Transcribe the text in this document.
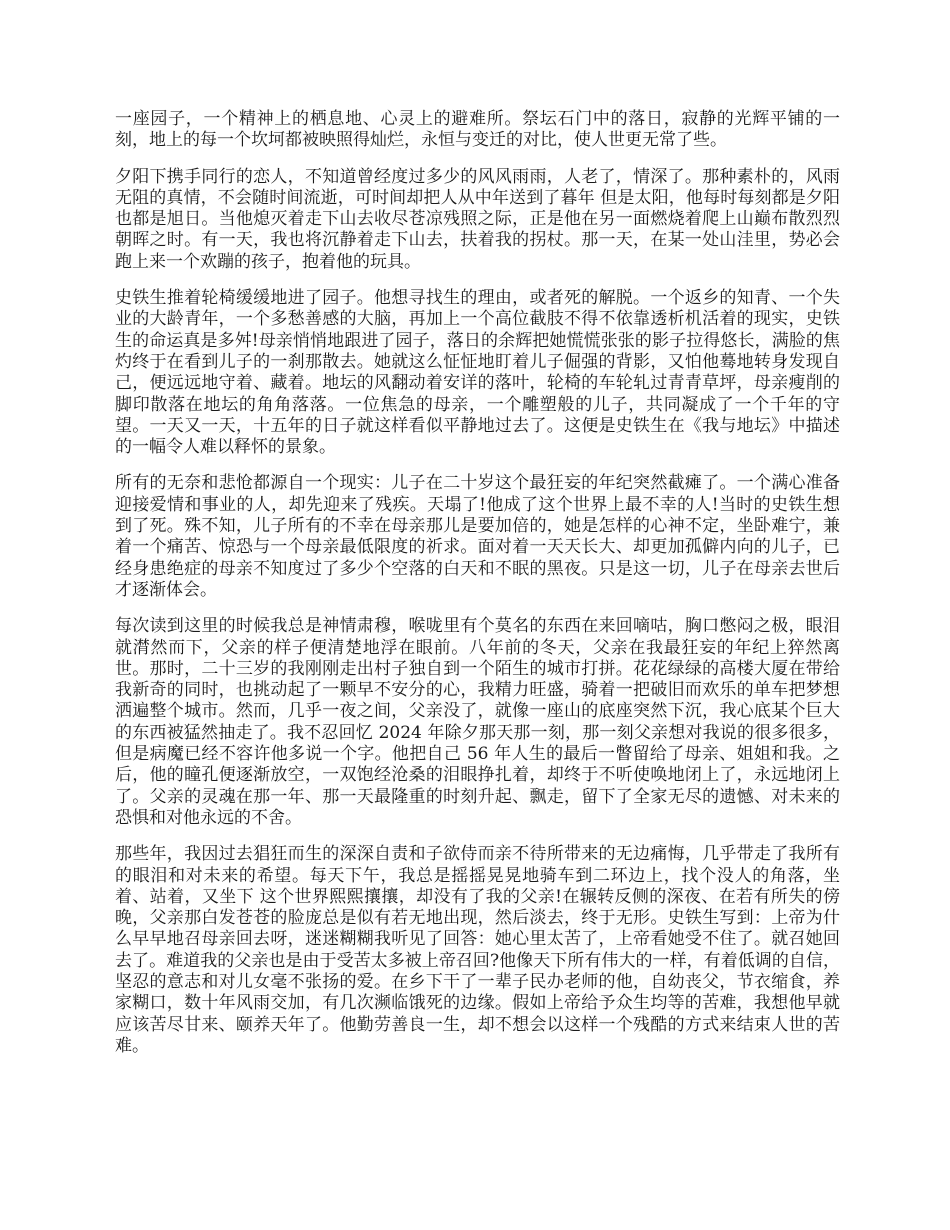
一座园子，一个精神上的栖息地、心灵上的避难所。祭坛石门中的落日，寂静的光辉平铺的一刻，地上的每一个坎坷都被映照得灿烂，永恒与变迁的对比，使人世更无常了些。

夕阳下携手同行的恋人，不知道曾经度过多少的风风雨雨，人老了，情深了。那种素朴的，风雨无阻的真情，不会随时间流逝，可时间却把人从中年送到了暮年 但是太阳，他每时每刻都是夕阳也都是旭日。当他熄灭着走下山去收尽苍凉残照之际，正是他在另一面燃烧着爬上山巅布散烈烈朝晖之时。有一天，我也将沉静着走下山去，扶着我的拐杖。那一天，在某一处山洼里，势必会跑上来一个欢蹦的孩子，抱着他的玩具。

史铁生推着轮椅缓缓地进了园子。他想寻找生的理由，或者死的解脱。一个返乡的知青、一个失业的大龄青年，一个多愁善感的大脑，再加上一个高位截肢不得不依靠透析机活着的现实，史铁生的命运真是多舛!母亲悄悄地跟进了园子，落日的余辉把她慌慌张张的影子拉得悠长，满脸的焦灼终于在看到儿子的一刹那散去。她就这么怔怔地盯着儿子倔强的背影，又怕他蓦地转身发现自己，便远远地守着、藏着。地坛的风翻动着安详的落叶，轮椅的车轮轧过青青草坪，母亲瘦削的脚印散落在地坛的角角落落。一位焦急的母亲，一个雕塑般的儿子，共同凝成了一个千年的守望。一天又一天，十五年的日子就这样看似平静地过去了。这便是史铁生在《我与地坛》中描述的一幅令人难以释怀的景象。

所有的无奈和悲怆都源自一个现实：儿子在二十岁这个最狂妄的年纪突然截瘫了。一个满心准备迎接爱情和事业的人，却先迎来了残疾。天塌了!他成了这个世界上最不幸的人!当时的史铁生想到了死。殊不知，儿子所有的不幸在母亲那儿是要加倍的，她是怎样的心神不定，坐卧难宁，兼着一个痛苦、惊恐与一个母亲最低限度的祈求。面对着一天天长大、却更加孤僻内向的儿子，已经身患绝症的母亲不知度过了多少个空落的白天和不眠的黑夜。只是这一切，儿子在母亲去世后才逐渐体会。

每次读到这里的时候我总是神情肃穆，喉咙里有个莫名的东西在来回嘀咕，胸口憋闷之极，眼泪就潸然而下，父亲的样子便清楚地浮在眼前。八年前的冬天，父亲在我最狂妄的年纪上猝然离世。那时，二十三岁的我刚刚走出村子独自到一个陌生的城市打拼。花花绿绿的高楼大厦在带给我新奇的同时，也挑动起了一颗早不安分的心，我精力旺盛，骑着一把破旧而欢乐的单车把梦想洒遍整个城市。然而，几乎一夜之间，父亲没了，就像一座山的底座突然下沉，我心底某个巨大的东西被猛然抽走了。我不忍回忆 2024 年除夕那天那一刻，那一刻父亲想对我说的很多很多，但是病魔已经不容许他多说一个字。他把自己 56 年人生的最后一瞥留给了母亲、姐姐和我。之后，他的瞳孔便逐渐放空，一双饱经沧桑的泪眼挣扎着，却终于不听使唤地闭上了，永远地闭上了。父亲的灵魂在那一年、那一天最隆重的时刻升起、飘走，留下了全家无尽的遗憾、对未来的恐惧和对他永远的不舍。

那些年，我因过去猖狂而生的深深自责和子欲侍而亲不待所带来的无边痛悔，几乎带走了我所有的眼泪和对未来的希望。每天下午，我总是摇摇晃晃地骑车到二环边上，找个没人的角落，坐着、站着，又坐下 这个世界熙熙攘攘，却没有了我的父亲!在辗转反侧的深夜、在若有所失的傍晚，父亲那白发苍苍的脸庞总是似有若无地出现，然后淡去，终于无形。史铁生写到：上帝为什么早早地召母亲回去呀，迷迷糊糊我听见了回答：她心里太苦了，上帝看她受不住了。就召她回去了。难道我的父亲也是由于受苦太多被上帝召回?他像天下所有伟大的一样，有着低调的自信，坚忍的意志和对儿女毫不张扬的爱。在乡下干了一辈子民办老师的他，自幼丧父，节衣缩食，养家糊口，数十年风雨交加，有几次濒临饿死的边缘。假如上帝给予众生均等的苦难，我想他早就应该苦尽甘来、颐养天年了。他勤劳善良一生，却不想会以这样一个残酷的方式来结束人世的苦难。
